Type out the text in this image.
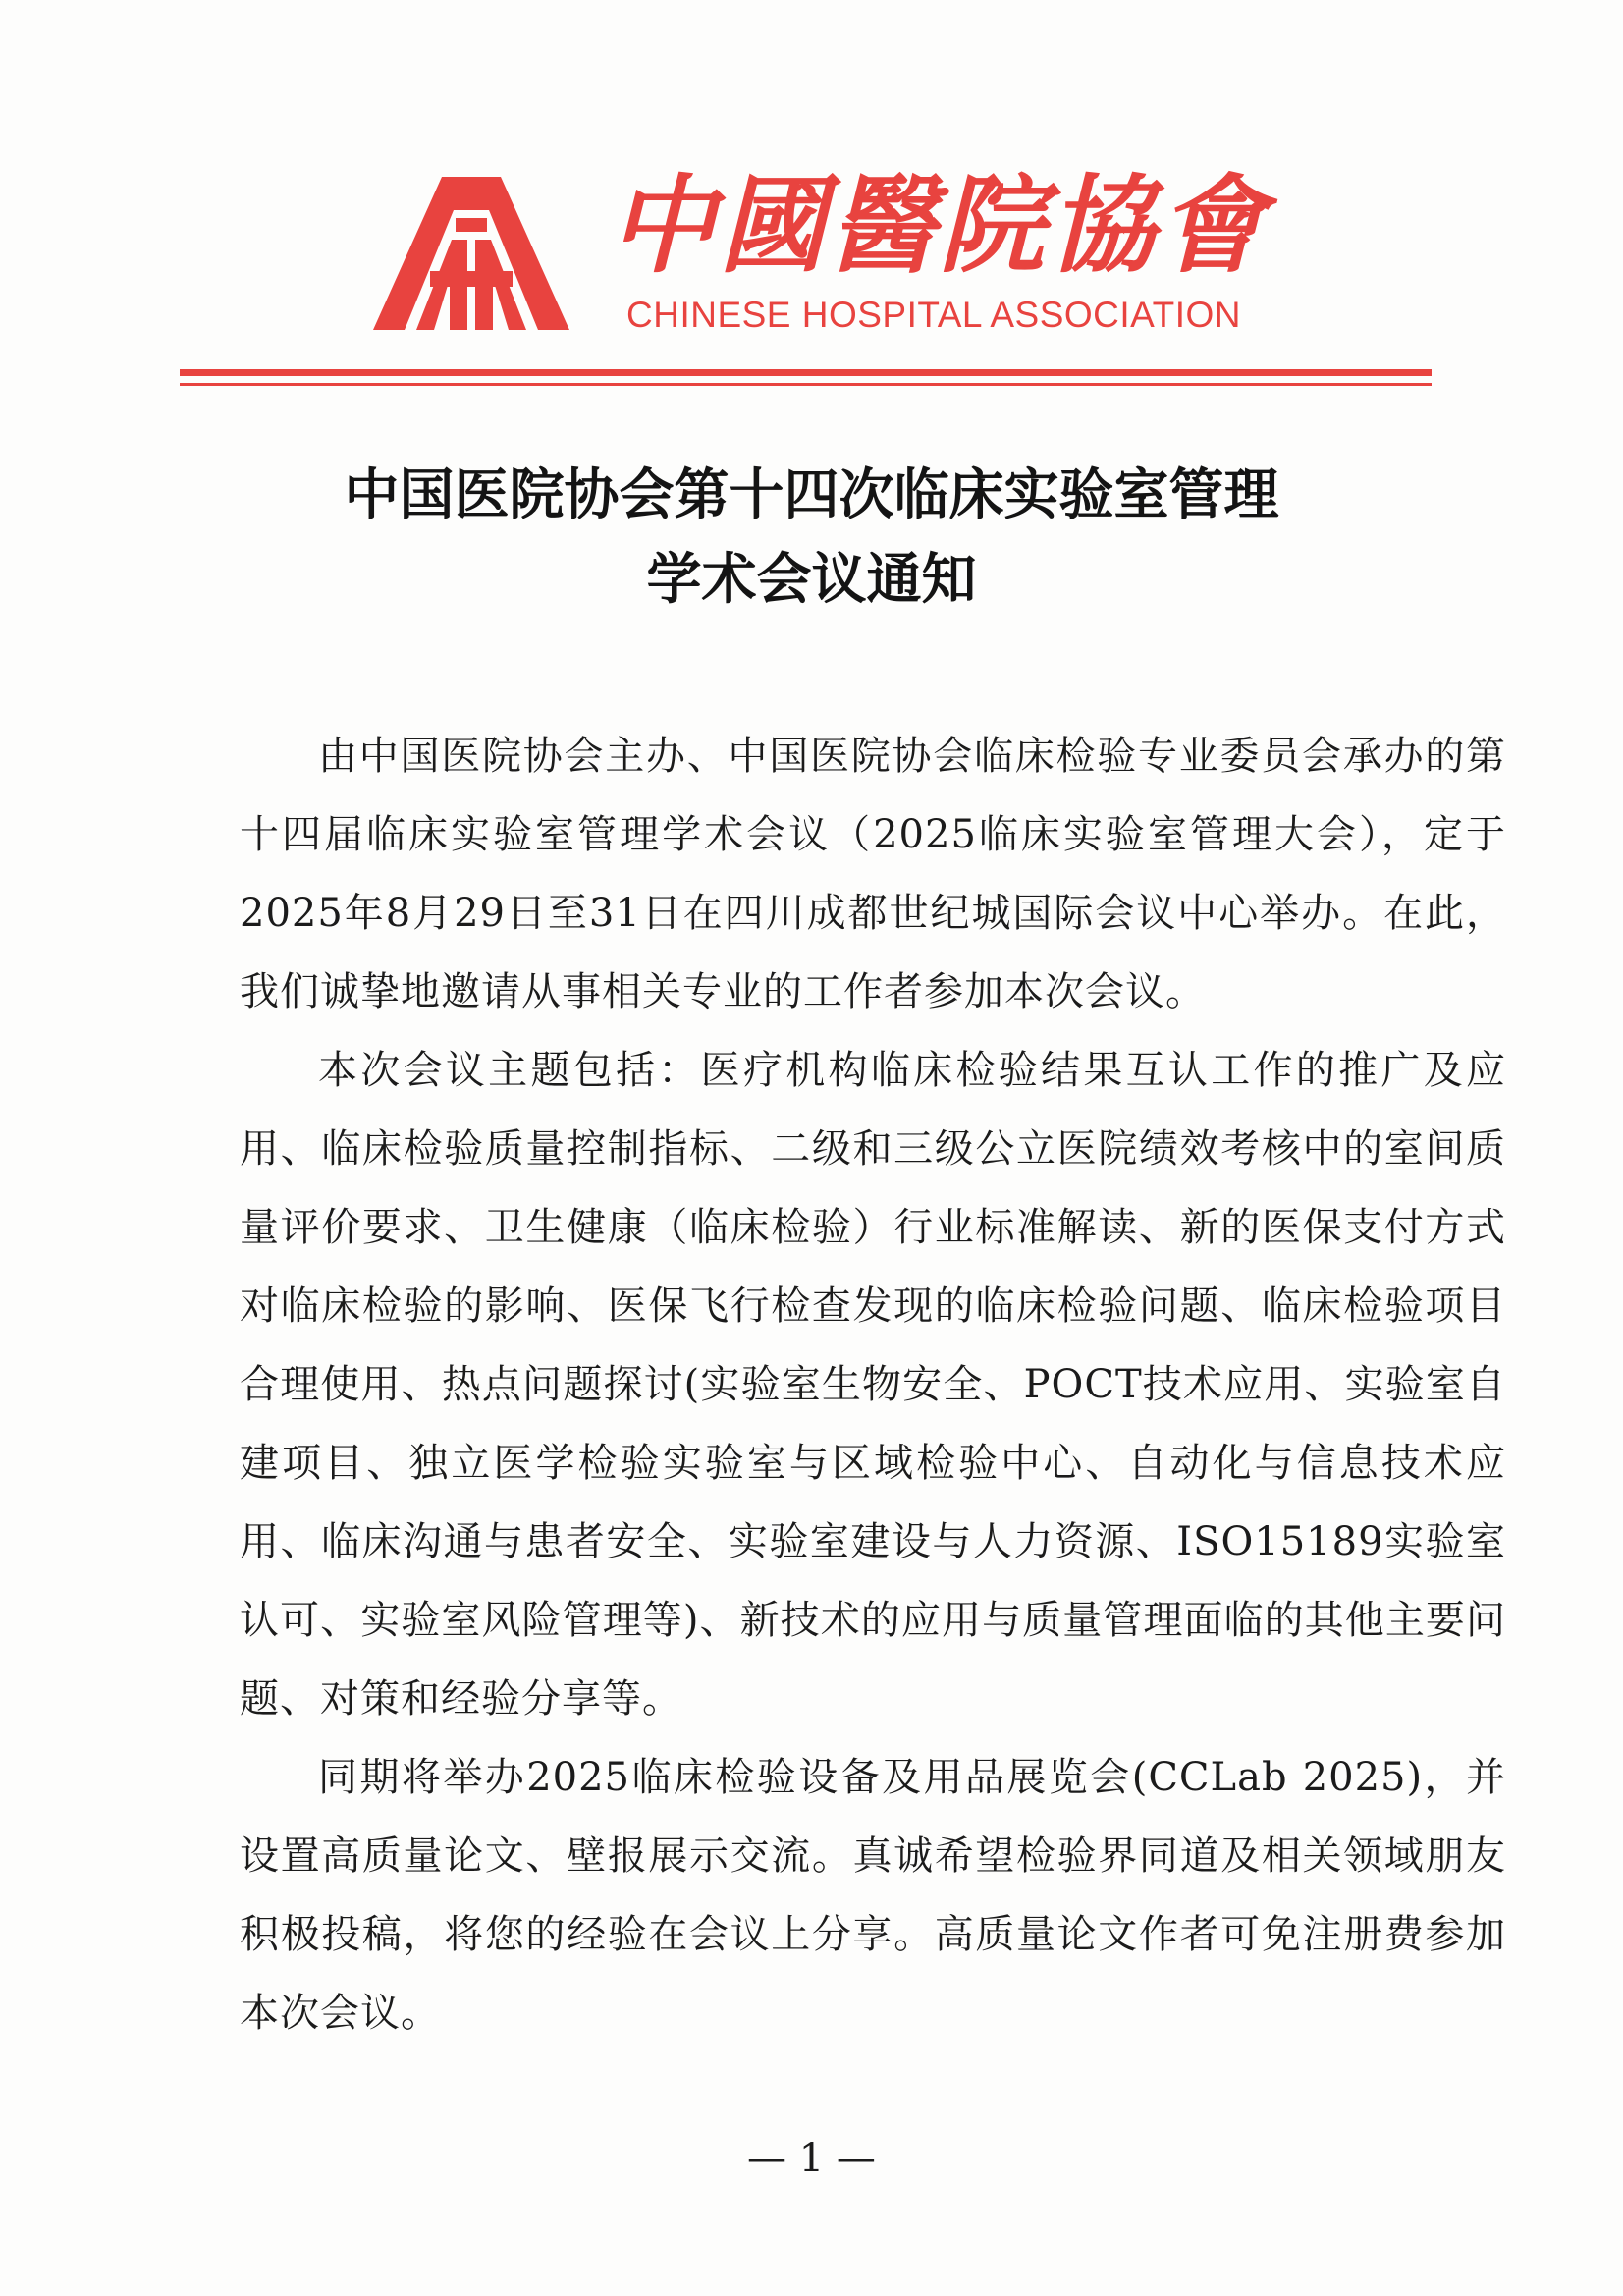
中國醫院協會
CHINESE HOSPITAL ASSOCIATION
中国医院协会第十四次临床实验室管理
学术会议通知

由中国医院协会主办、中国医院协会临床检验专业委员会承办的第十四届临床实验室管理学术会议（2025临床实验室管理大会），定于2025年8月29日至31日在四川成都世纪城国际会议中心举办。在此，我们诚挚地邀请从事相关专业的工作者参加本次会议。

本次会议主题包括：医疗机构临床检验结果互认工作的推广及应用、临床检验质量控制指标、二级和三级公立医院绩效考核中的室间质量评价要求、卫生健康（临床检验）行业标准解读、新的医保支付方式对临床检验的影响、医保飞行检查发现的临床检验问题、临床检验项目合理使用、热点问题探讨(实验室生物安全、POCT技术应用、实验室自建项目、独立医学检验实验室与区域检验中心、自动化与信息技术应用、临床沟通与患者安全、实验室建设与人力资源、ISO15189实验室认可、实验室风险管理等)、新技术的应用与质量管理面临的其他主要问题、对策和经验分享等。

同期将举办2025临床检验设备及用品展览会(CCLab 2025)，并设置高质量论文、壁报展示交流。真诚希望检验界同道及相关领域朋友积极投稿，将您的经验在会议上分享。高质量论文作者可免注册费参加本次会议。

— 1 —
